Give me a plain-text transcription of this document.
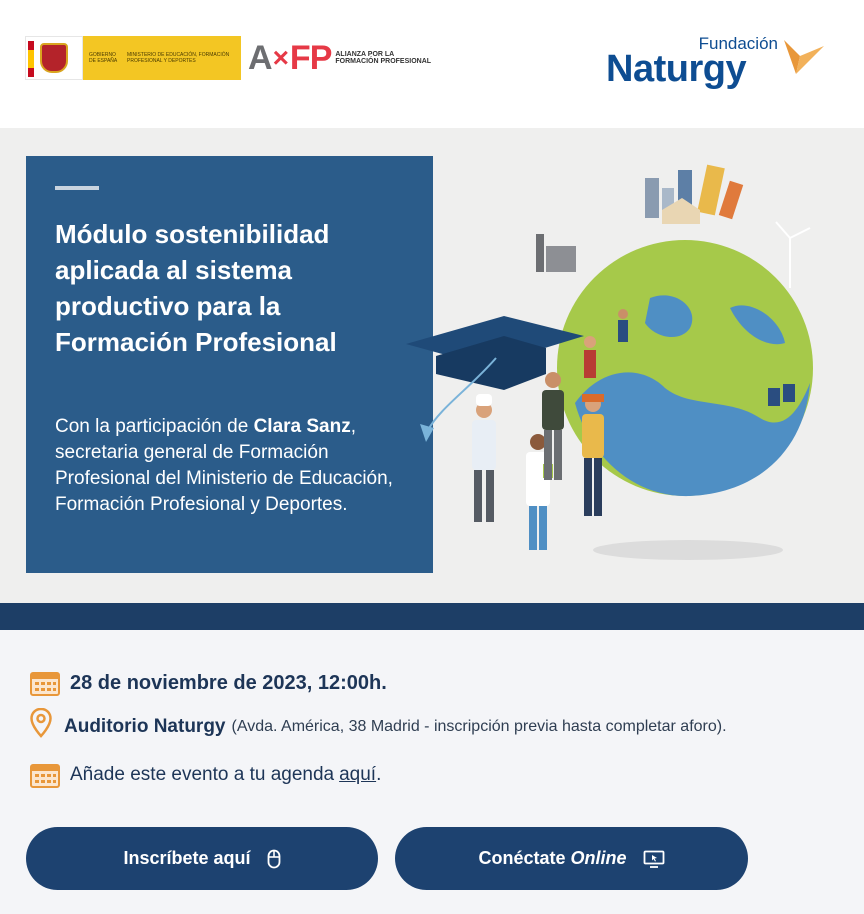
GOBIERNO DE ESPAÑA
MINISTERIO DE EDUCACIÓN, FORMACIÓN PROFESIONAL Y DEPORTES	A × FP ALIANZA POR LA FORMACIÓN PROFESIONAL
Fundación
Naturgy
Módulo sostenibilidad aplicada al sistema productivo para la Formación Profesional
Con la participación de Clara Sanz, secretaria general de Formación Profesional del Ministerio de Educación, Formación Profesional y Deportes.
28 de noviembre de 2023, 12:00h.
Auditorio Naturgy (Avda. América, 38 Madrid - inscripción previa hasta completar aforo).
Añade este evento a tu agenda aquí .
Inscríbete aquí	Conéctate Online
